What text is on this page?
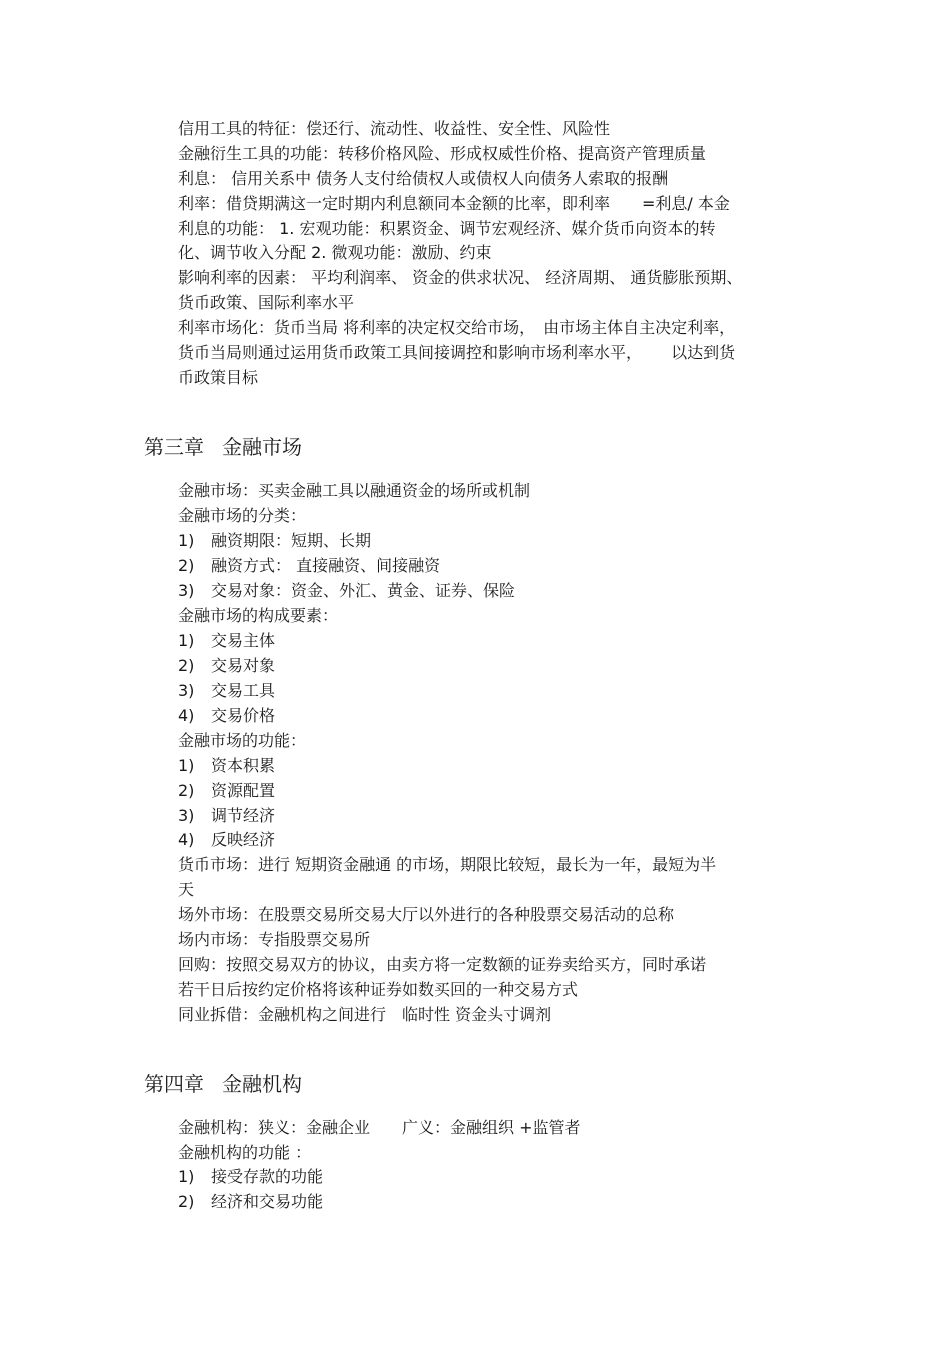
信用工具的特征：偿还行、流动性、收益性、安全性、风险性
金融衍生工具的功能：转移价格风险、形成权威性价格、提高资产管理质量
利息： 信用关系中 债务人支付给债权人或债权人向债务人索取的报酬
利率：借贷期满这一定时期内利息额同本金额的比率，即利率　　=利息/ 本金
利息的功能： 1. 宏观功能：积累资金、调节宏观经济、媒介货币向资本的转
化、调节收入分配 2. 微观功能：激励、约束
影响利率的因素： 平均利润率、 资金的供求状况、 经济周期、 通货膨胀预期、
货币政策、国际利率水平
利率市场化：货币当局 将利率的决定权交给市场，　由市场主体自主决定利率，
货币当局则通过运用货币政策工具间接调控和影响市场利率水平，　　 以达到货
币政策目标
第三章 金融市场
金融市场：买卖金融工具以融通资金的场所或机制
金融市场的分类：
1) 融资期限：短期、长期
2) 融资方式： 直接融资、间接融资
3) 交易对象：资金、外汇、黄金、证券、保险
金融市场的构成要素：
1) 交易主体
2) 交易对象
3) 交易工具
4) 交易价格
金融市场的功能：
1) 资本积累
2) 资源配置
3) 调节经济
4) 反映经济
货币市场：进行 短期资金融通 的市场，期限比较短，最长为一年，最短为半
天
场外市场：在股票交易所交易大厅以外进行的各种股票交易活动的总称
场内市场：专指股票交易所
回购：按照交易双方的协议，由卖方将一定数额的证券卖给买方，同时承诺
若干日后按约定价格将该种证券如数买回的一种交易方式
同业拆借：金融机构之间进行　临时性 资金头寸调剂
第四章 金融机构
金融机构：狭义：金融企业　　广义：金融组织 +监管者
金融机构的功能 ：
1) 接受存款的功能
2) 经济和交易功能
